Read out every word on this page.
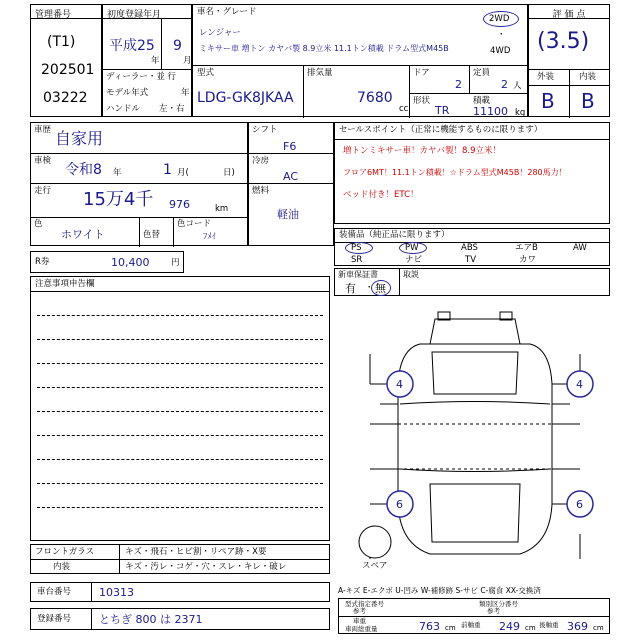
管理番号
(T1)
202501
03222
初度登録年月
平成25 9
年	月
ディーラー・並 行
モデル年式	年
ハンドル 左・右
車名・グレード
レンジャー
ミキサー車 増トン カヤバ製 8.9立米 11.1トン積載 ドラム型式M45B
2WD
・
4WD
型式
LDG-GK8JKAA
排気量
7680
cc
ドア
2
定員
2 人
形状
TR
積載
11100 kg
評 価 点
(3.5)
外装	内装
B B
車歴 自家用
車検
令和8 年	1 月(	日)
走行 15万4千 976	km
色
ホワイト	色替
色コード
ﾌﾒｲ
シフト
F6
冷房
AC
燃料
軽油
セールスポイント（正常に機能するものに限ります）
増トンミキサー車！カヤバ製！8.9立米！
フロア6MT！11.1トン積載！☆ドラム型式M45B！280馬力！
ベッド付き！ETC！
R券	10,400	円
装備品（純正品に限ります）
PS	PW	ABS	エアB	AW
SR	ナビ	TV	カワ
新車保証書	取説
有 ・ 無
注意事項申告欄
4	4
6	6
スペア
フロントガラス	キズ・飛石・ヒビ割・リペア跡・X要
内装	キズ・汚レ・コゲ・穴・スレ・キレ・破レ
車台番号	10313
登録番号	とちぎ 800 は 2371
A-キズ E-エクボ U-凹み W-補修跡 S-サビ C-腐食 XX-交換済
型式指定番号
参考
類別区分番号
参考
車重
車両総重量	763 cm 前軸重 249 cm 後軸重 369 cm
